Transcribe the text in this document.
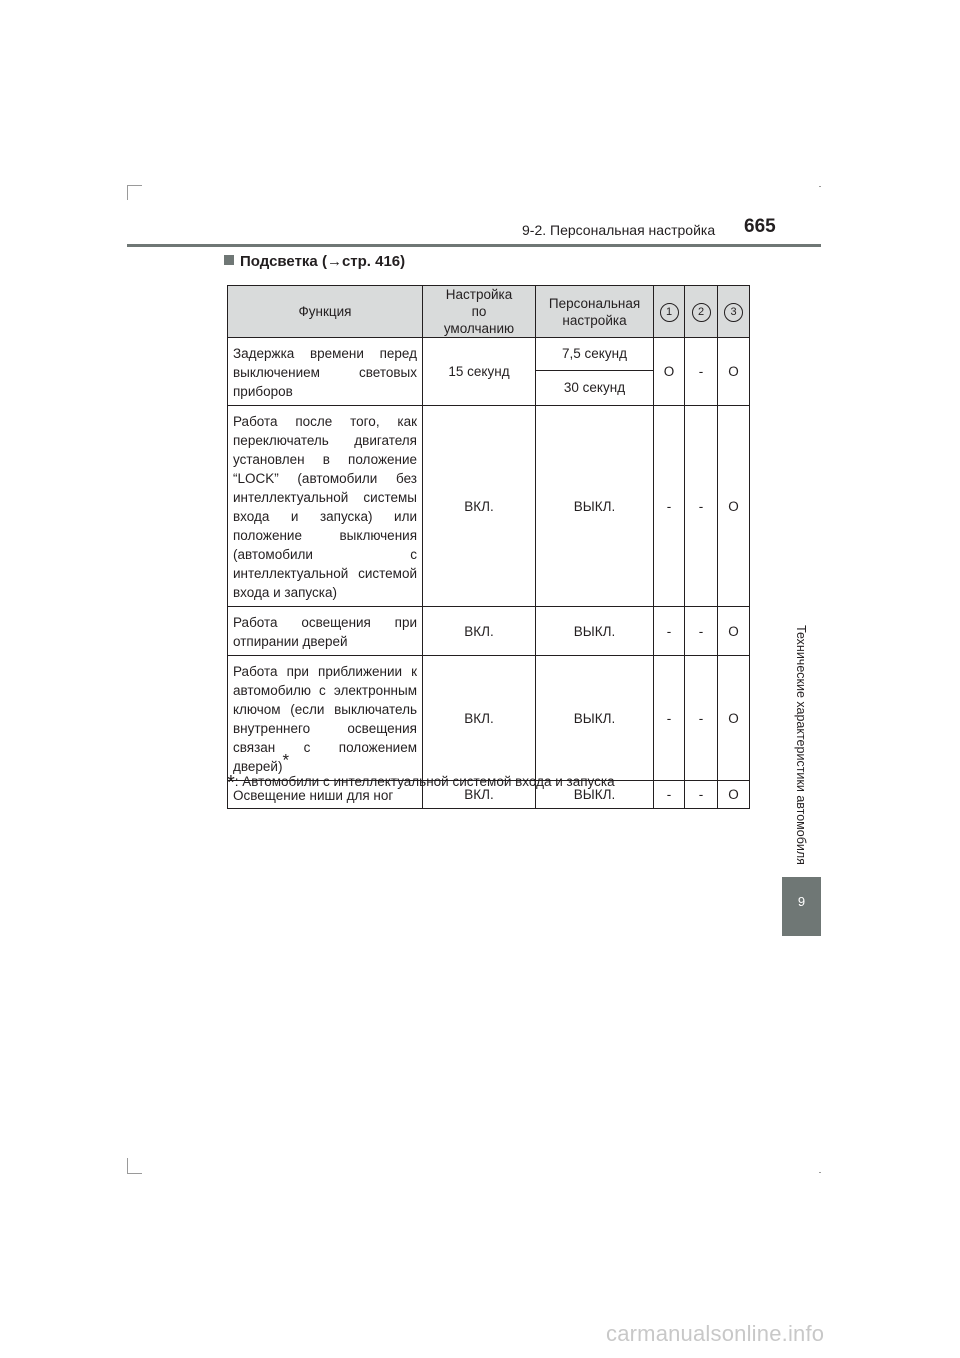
9-2. Персональная настройка 665
Технические характеристики автомобиля
9
Подсветка (→стр. 416)
Функция	Настройка по умолчанию	Персональная настройка	1	2	3
Задержка времени перед выключением световых приборов	15 секунд	7,5 секунд	O	-	O
		30 секунд			
Работа после того, как переключатель двигателя установлен в положение “LOCK” (автомобили без интеллектуальной системы входа и запуска) или положение выключения (автомобили с интеллектуальной системой входа и запуска)	ВКЛ.	ВЫКЛ.	-	-	O
Работа освещения при отпирании дверей	ВКЛ.	ВЫКЛ.	-	-	O
Работа при приближении к автомобилю с электронным ключом (если выключатель внутреннего освещения связан с положением дверей)*	ВКЛ.	ВЫКЛ.	-	-	O
Освещение ниши для ног	ВКЛ.	ВЫКЛ.	-	-	O
*: Автомобили с интеллектуальной системой входа и запуска
carmanualsonline.info
